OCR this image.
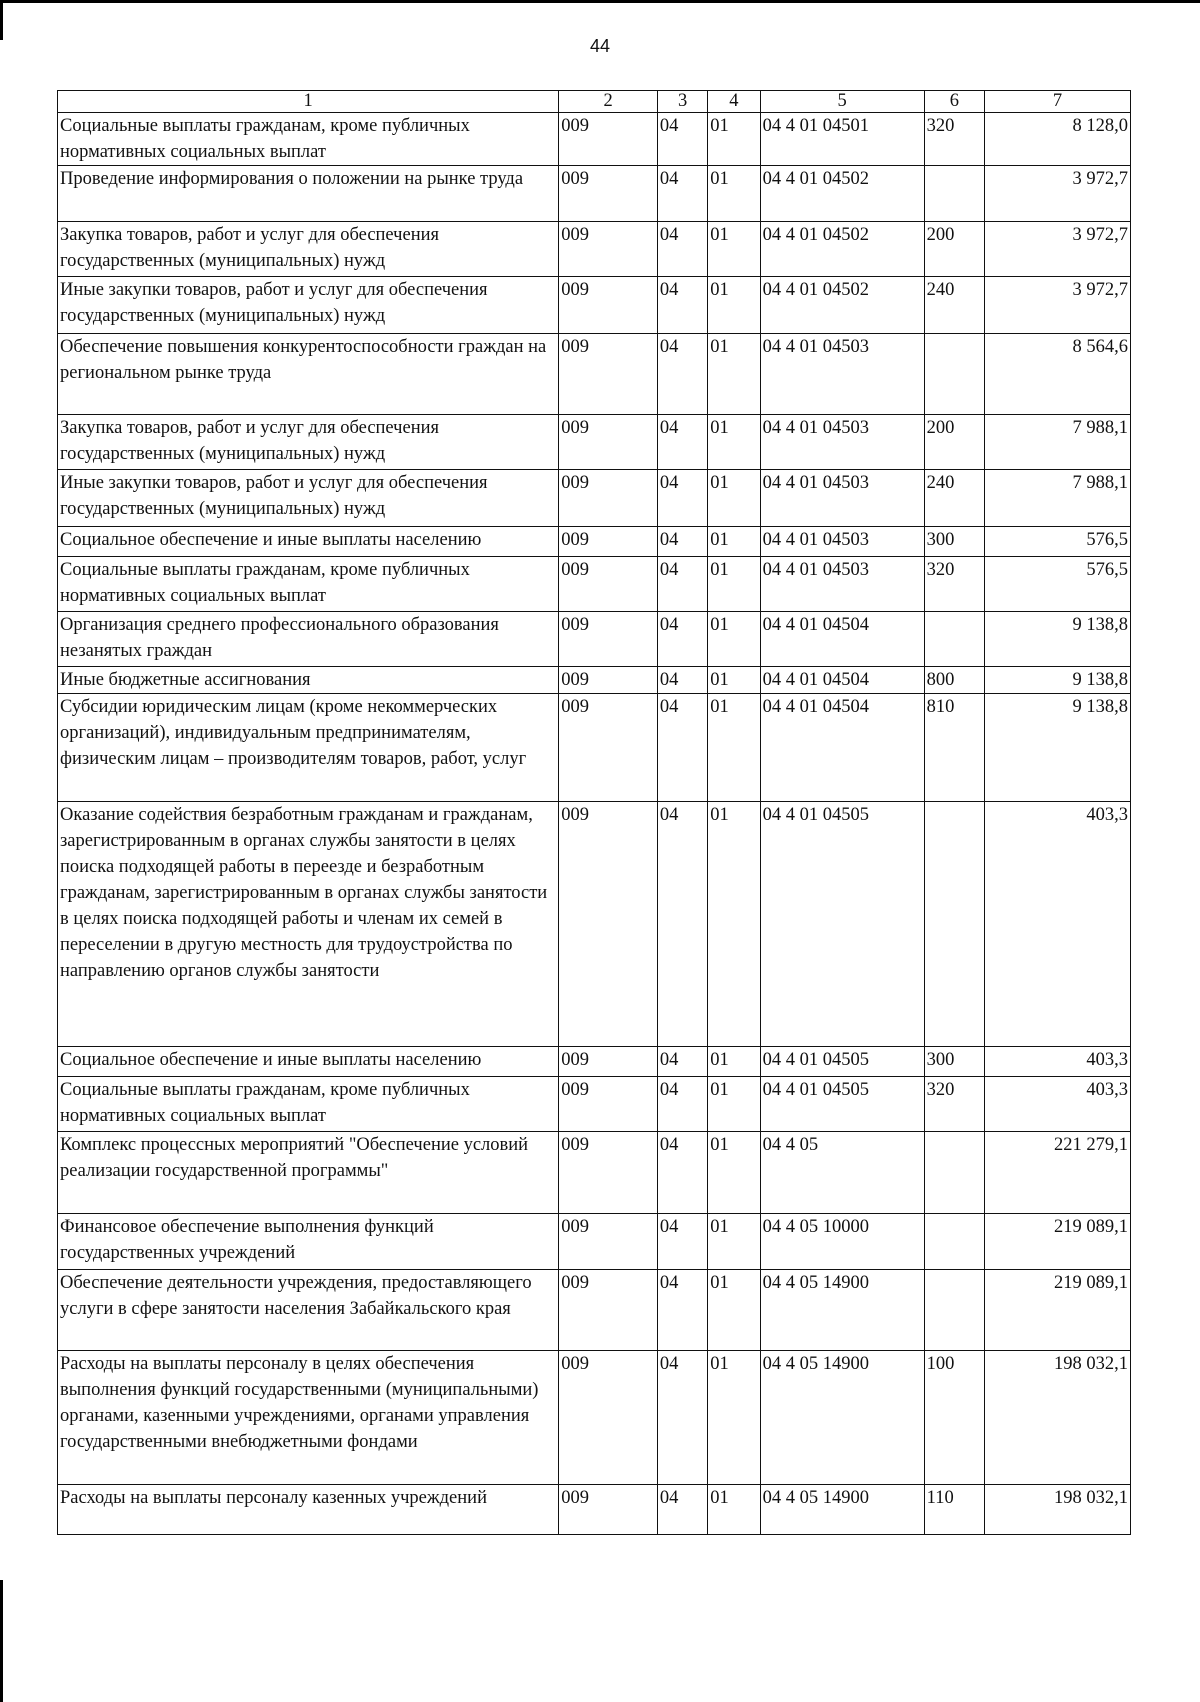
44
1	2	3	4	5	6	7
Социальные выплаты гражданам, кроме публичных нормативных социальных выплат	009	04	01	04 4 01 04501	320	8 128,0
Проведение информирования о положении на рынке труда	009	04	01	04 4 01 04502		3 972,7
Закупка товаров, работ и услуг для обеспечения государственных (муниципальных) нужд	009	04	01	04 4 01 04502	200	3 972,7
Иные закупки товаров, работ и услуг для обеспечения государственных (муниципальных) нужд	009	04	01	04 4 01 04502	240	3 972,7
Обеспечение повышения конкурентоспособности граждан на региональном рынке труда	009	04	01	04 4 01 04503		8 564,6
Закупка товаров, работ и услуг для обеспечения государственных (муниципальных) нужд	009	04	01	04 4 01 04503	200	7 988,1
Иные закупки товаров, работ и услуг для обеспечения государственных (муниципальных) нужд	009	04	01	04 4 01 04503	240	7 988,1
Социальное обеспечение и иные выплаты населению	009	04	01	04 4 01 04503	300	576,5
Социальные выплаты гражданам, кроме публичных нормативных социальных выплат	009	04	01	04 4 01 04503	320	576,5
Организация среднего профессионального образования незанятых граждан	009	04	01	04 4 01 04504		9 138,8
Иные бюджетные ассигнования	009	04	01	04 4 01 04504	800	9 138,8
Субсидии юридическим лицам (кроме некоммерческих организаций), индивидуальным предпринимателям, физическим лицам – производителям товаров, работ, услуг	009	04	01	04 4 01 04504	810	9 138,8
Оказание содействия безработным гражданам и гражданам, зарегистрированным в органах службы занятости в целях поиска подходящей работы в переезде и безработным гражданам, зарегистрированным в органах службы занятости в целях поиска подходящей работы и членам их семей в переселении в другую местность для трудоустройства по направлению органов службы занятости	009	04	01	04 4 01 04505		403,3
Социальное обеспечение и иные выплаты населению	009	04	01	04 4 01 04505	300	403,3
Социальные выплаты гражданам, кроме публичных нормативных социальных выплат	009	04	01	04 4 01 04505	320	403,3
Комплекс процессных мероприятий "Обеспечение условий реализации государственной программы"	009	04	01	04 4 05		221 279,1
Финансовое обеспечение выполнения функций государственных учреждений	009	04	01	04 4 05 10000		219 089,1
Обеспечение деятельности учреждения, предоставляющего услуги в сфере занятости населения Забайкальского края	009	04	01	04 4 05 14900		219 089,1
Расходы на выплаты персоналу в целях обеспечения выполнения функций государственными (муниципальными) органами, казенными учреждениями, органами управления государственными внебюджетными фондами	009	04	01	04 4 05 14900	100	198 032,1
Расходы на выплаты персоналу казенных учреждений	009	04	01	04 4 05 14900	110	198 032,1
